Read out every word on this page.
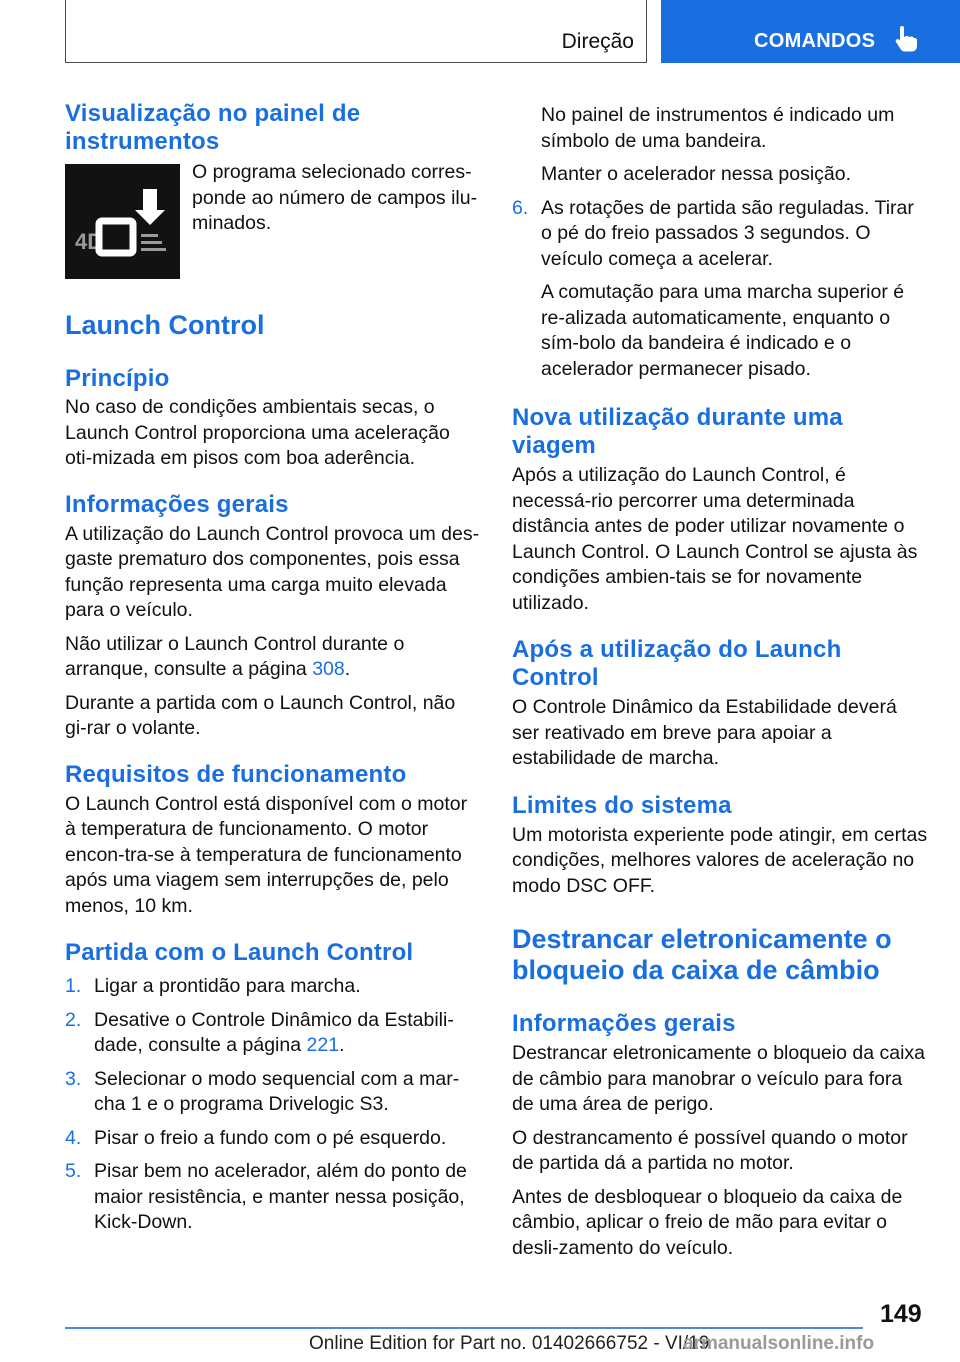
Direção	COMANDOS
Visualização no painel de instrumentos
4D

O programa selecionado corres-ponde ao número de campos ilu-minados.

Launch Control
Princípio

No caso de condições ambientais secas, o Launch Control proporciona uma aceleração oti-mizada em pisos com boa aderência.

Informações gerais

A utilização do Launch Control provoca um des-gaste prematuro dos componentes, pois essa função representa uma carga muito elevada para o veículo.

Não utilizar o Launch Control durante o arranque, consulte a página 308.

Durante a partida com o Launch Control, não gi-rar o volante.

Requisitos de funcionamento

O Launch Control está disponível com o motor à temperatura de funcionamento. O motor encon-tra-se à temperatura de funcionamento após uma viagem sem interrupções de, pelo menos, 10 km.

Partida com o Launch Control
1. Ligar a prontidão para marcha.
2. Desative o Controle Dinâmico da Estabili-dade, consulte a página 221.
3. Selecionar o modo sequencial com a mar-cha 1 e o programa Drivelogic S3.
4. Pisar o freio a fundo com o pé esquerdo.
5. Pisar bem no acelerador, além do ponto de maior resistência, e manter nessa posição, Kick-Down.

No painel de instrumentos é indicado um símbolo de uma bandeira.

Manter o acelerador nessa posição.

6. As rotações de partida são reguladas. Tirar o pé do freio passados 3 segundos. O veículo começa a acelerar.

A comutação para uma marcha superior é re-alizada automaticamente, enquanto o sím-bolo da bandeira é indicado e o acelerador permanecer pisado.

Nova utilização durante uma viagem

Após a utilização do Launch Control, é necessá-rio percorrer uma determinada distância antes de poder utilizar novamente o Launch Control. O Launch Control se ajusta às condições ambien-tais se for novamente utilizado.

Após a utilização do Launch Control

O Controle Dinâmico da Estabilidade deverá ser reativado em breve para apoiar a estabilidade de marcha.

Limites do sistema

Um motorista experiente pode atingir, em certas condições, melhores valores de aceleração no modo DSC OFF.

Destrancar eletronicamente o bloqueio da caixa de câmbio
Informações gerais

Destrancar eletronicamente o bloqueio da caixa de câmbio para manobrar o veículo para fora de uma área de perigo.

O destrancamento é possível quando o motor de partida dá a partida no motor.

Antes de desbloquear o bloqueio da caixa de câmbio, aplicar o freio de mão para evitar o desli-zamento do veículo.

149
Online Edition for Part no. 01402666752 - VI/19
armanualsonline.info
